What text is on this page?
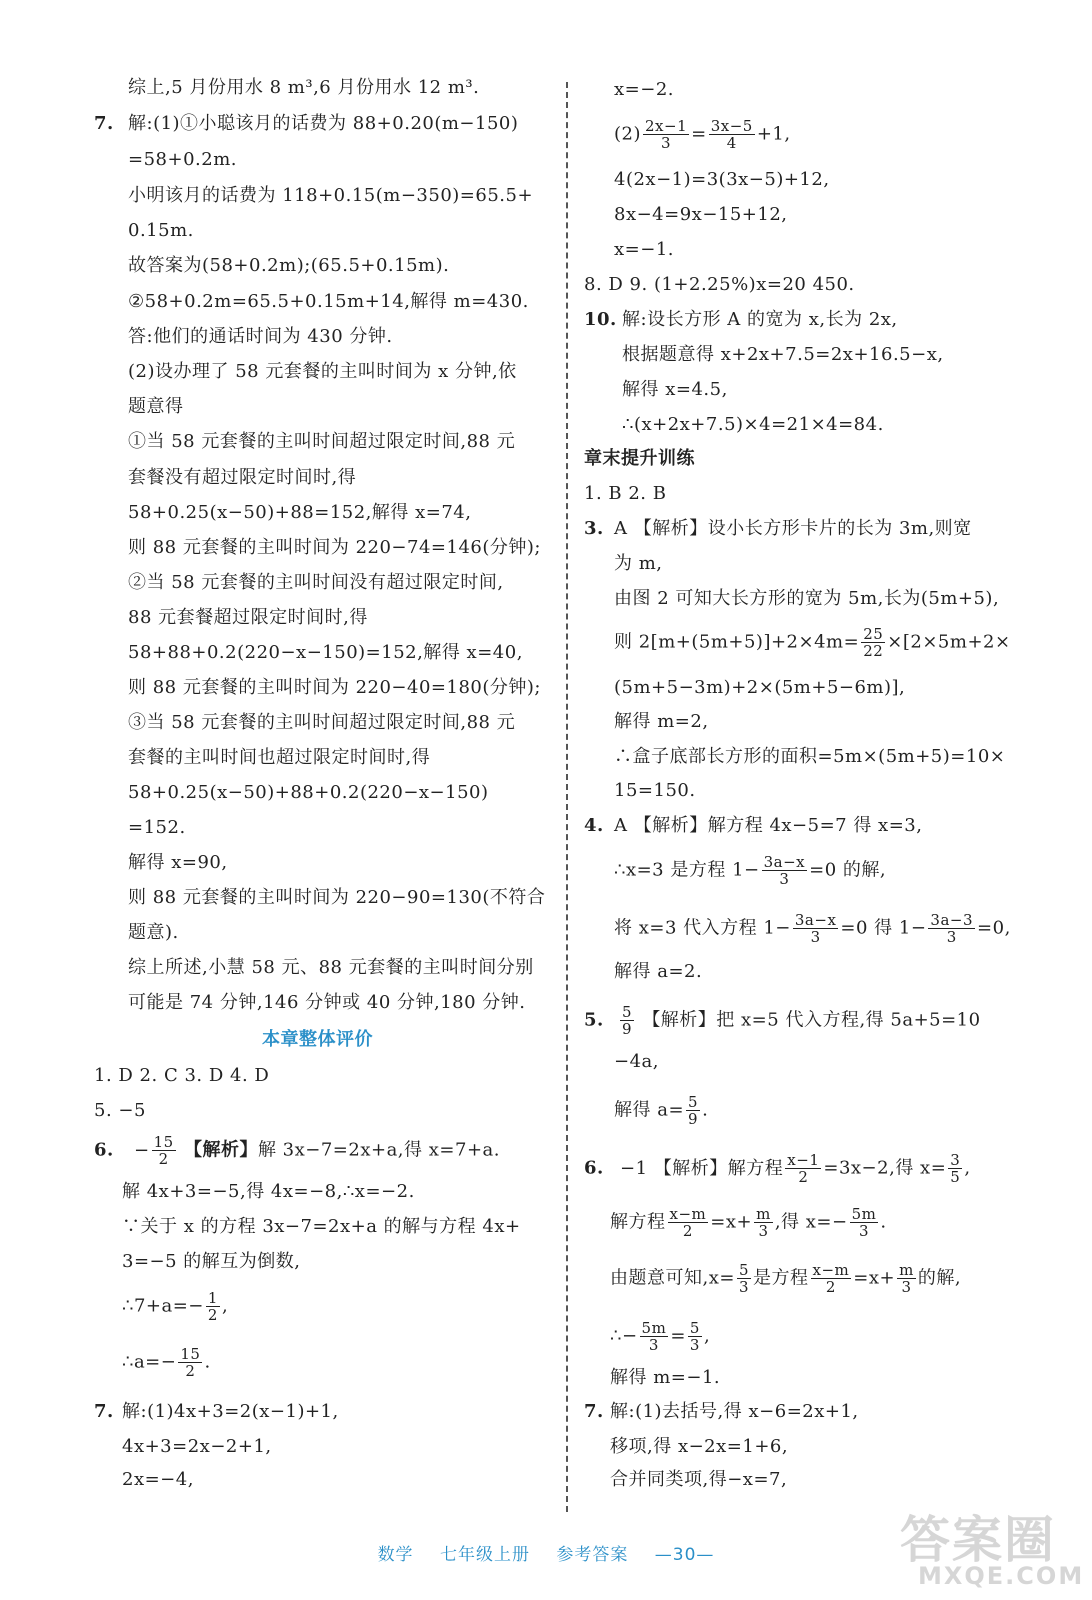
综上,5 月份用水 8 m³,6 月份用水 12 m³.
7. 解:(1)①小聪该月的话费为 88+0.20(m−150)
=58+0.2m.
小明该月的话费为 118+0.15(m−350)=65.5+
0.15m.
故答案为(58+0.2m);(65.5+0.15m).
②58+0.2m=65.5+0.15m+14,解得 m=430.
答:他们的通话时间为 430 分钟.
(2)设办理了 58 元套餐的主叫时间为 x 分钟,依
题意得
①当 58 元套餐的主叫时间超过限定时间,88 元
套餐没有超过限定时间时,得
58+0.25(x−50)+88=152,解得 x=74,
则 88 元套餐的主叫时间为 220−74=146(分钟);
②当 58 元套餐的主叫时间没有超过限定时间,
88 元套餐超过限定时间时,得
58+88+0.2(220−x−150)=152,解得 x=40,
则 88 元套餐的主叫时间为 220−40=180(分钟);
③当 58 元套餐的主叫时间超过限定时间,88 元
套餐的主叫时间也超过限定时间时,得
58+0.25(x−50)+88+0.2(220−x−150)
=152.
解得 x=90,
则 88 元套餐的主叫时间为 220−90=130(不符合
题意).
综上所述,小慧 58 元、88 元套餐的主叫时间分别
可能是 74 分钟,146 分钟或 40 分钟,180 分钟.
本章整体评价
1. D 2. C 3. D 4. D
5. −5
6. − $\frac{15}{2}$ 【解析】解 3x−7=2x+a,得 x=7+a.
解 4x+3=−5,得 4x=−8,∴x=−2.
∵关于 x 的方程 3x−7=2x+a 的解与方程 4x+
3=−5 的解互为倒数,
∴7+a=− $\frac{1}{2}$ ,
∴a=− $\frac{15}{2}$ .
7. 解:(1)4x+3=2(x−1)+1,
4x+3=2x−2+1,
2x=−4,
x=−2.
$(2) \frac{2x-1}{3} = \frac{3x-5}{4} +1$,
4(2x−1)=3(3x−5)+12,
8x−4=9x−15+12,
x=−1.
8. D 9. (1+2.25%)x=20 450.
10. 解:设长方形 A 的宽为 x,长为 2x,
根据题意得 x+2x+7.5=2x+16.5−x,
解得 x=4.5,
∴(x+2x+7.5)×4=21×4=84.
章末提升训练
1. B 2. B
3. A 【解析】设小长方形卡片的长为 3m,则宽
为 m,
由图 2 可知大长方形的宽为 5m,长为(5m+5),
则 $2[m+(5m+5)]+2\times 4m= \frac{25}{22} \times[2\times 5m+2\times$
(5m+5−3m)+2×(5m+5−6m)],
解得 m=2,
∴盒子底部长方形的面积=5m×(5m+5)=10×
15=150.
4. A 【解析】解方程 4x−5=7 得 x=3,
∴x=3 是方程 $1- \frac{3a-x}{3} =0$ 的解,
将 x=3 代入方程 $1- \frac{3a-x}{3} =0$ 得 $1- \frac{3a-3}{3} =0$,
解得 a=2.
5. $\frac{5}{9}$ 【解析】把 x=5 代入方程,得 5a+5=10
−4a,
解得 $a= \frac{5}{9}$ .
6. −1 【解析】解方程 $\frac{x-1}{2} =3x-2$,得 $x= \frac{3}{5}$ ,
解方程 $\frac{x-m}{2} =x+ \frac{m}{3}$ ,得 $x=- \frac{5m}{3}$ .
由题意可知$,x= \frac{5}{3}$ 是方程 $\frac{x-m}{2} =x+ \frac{m}{3}$ 的解,
∴− $\frac{5m}{3} = \frac{5}{3}$ ,
解得 m=−1.
7. 解:(1)去括号,得 x−6=2x+1,
移项,得 x−2x=1+6,
合并同类项,得−x=7,
数学 七年级上册 参考答案 —30—	答案圈
MXQE.COM
